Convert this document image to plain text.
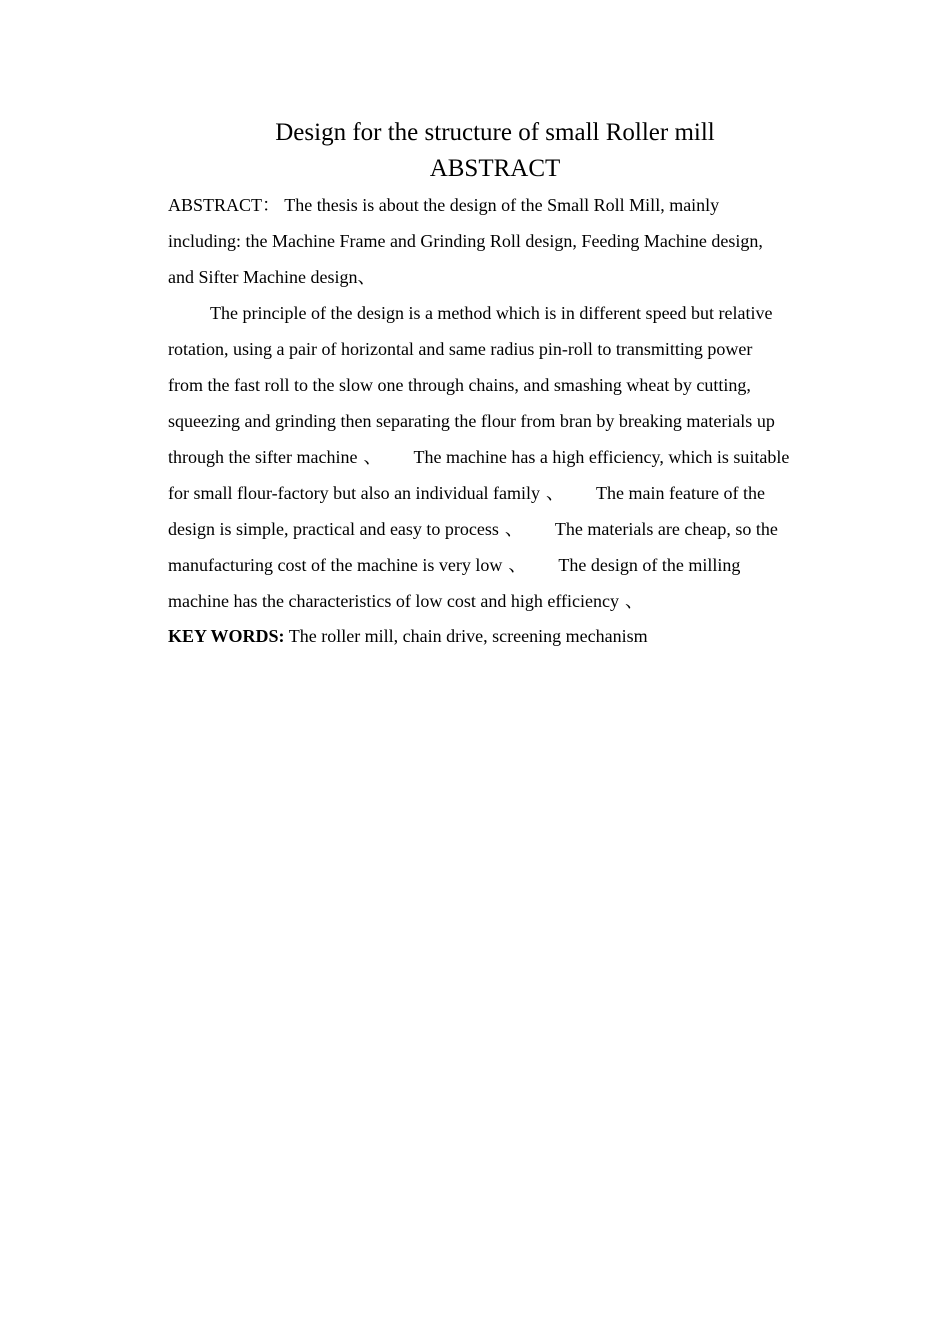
Design for the structure of small Roller mill
ABSTRACT
ABSTRACT： The thesis is about the design of the Small Roll Mill, mainly
including: the Machine Frame and Grinding Roll design, Feeding Machine design,
and Sifter Machine design、
The principle of the design is a method which is in different speed but relative
rotation, using a pair of horizontal and same radius pin-roll to transmitting power
from the fast roll to the slow one through chains, and smashing wheat by cutting,
squeezing and grinding then separating the flour from bran by breaking materials up
through the sifter machine 、 The machine has a high efficiency, which is suitable
for small flour-factory but also an individual family 、 The main feature of the
design is simple, practical and easy to process 、 The materials are cheap, so the
manufacturing cost of the machine is very low 、 The design of the milling
machine has the characteristics of low cost and high efficiency 、
KEY WORDS: The roller mill, chain drive, screening mechanism
